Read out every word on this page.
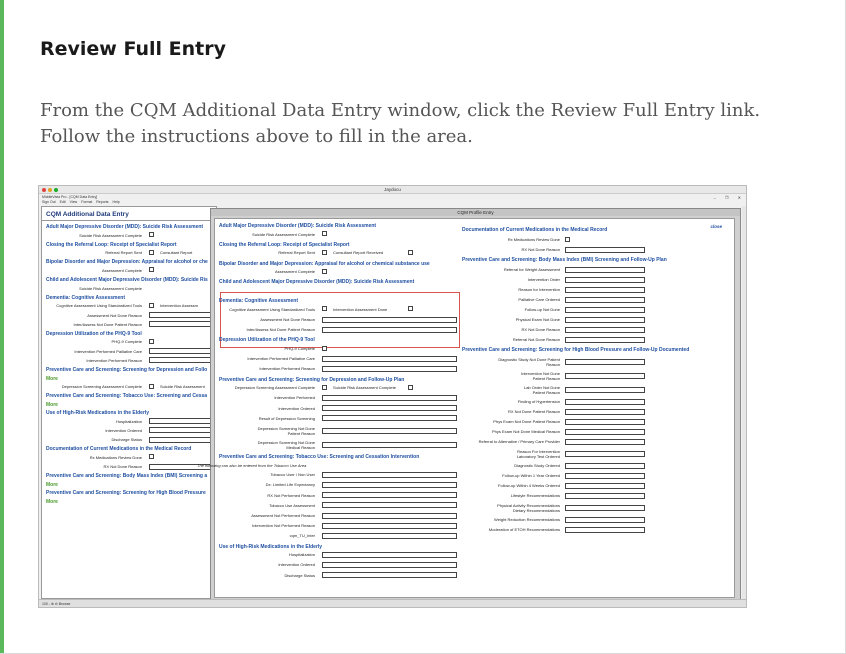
Review Full Entry

From the CQM Additional Data Entry window, click the Review Full Entry link. Follow the instructions above to fill in the area.

Jaydocu
MiddleVista Pro - [CQM Data Entry]	– ❐ ✕
Sign Out Edit View Format Reports Help
CQM Additional Data Entry
Adult Major Depressive Disorder (MDD): Suicide Risk Assessment
Suicide Risk Assessment Complete
Closing the Referral Loop: Receipt of Specialist Report
Referral Report Sent	Consultant Report
Bipolar Disorder and Major Depression: Appraisal for alcohol or che
Assessment Complete
Child and Adolescent Major Depressive Disorder (MDD): Suicide Ris
Suicide Risk Assessment Complete
Dementia: Cognitive Assessment
Cognitive Assessment Using Standardized Tools	Intervention Assessm
Assessment Not Done Reason
Inter/Assess Not Done Patient Reason
Depression Utilization of the PHQ-9 Tool
PHQ-9 Complete
Intervention Performed Palliative Care
Intervention Performed Reason
Preventive Care and Screening: Screening for Depression and Follo
More
Depression Screening Assessment Complete	Suicide Risk Assessment
Preventive Care and Screening: Tobacco Use: Screening and Cessa
More
Use of High-Risk Medications in the Elderly
Hospitalization
Intervention Ordered
Discharge Status
Documentation of Current Medications in the Medical Record
Rx Medications Review Done
RX Not Done Reason
Preventive Care and Screening: Body Mass Index (BMI) Screening a
More
Preventive Care and Screening: Screening for High Blood Pressure
More
CQM Profile Entry
close
Adult Major Depressive Disorder (MDD): Suicide Risk Assessment
Suicide Risk Assessment Complete
Closing the Referral Loop: Receipt of Specialist Report
Referral Report Sent	Consultant Report Received
Bipolar Disorder and Major Depression: Appraisal for alcohol or chemical substance use
Assessment Complete
Child and Adolescent Major Depressive Disorder (MDD): Suicide Risk Assessment
Dementia: Cognitive Assessment
Cognitive Assessment Using Standardized Tools	Intervention Assessment Done
Assessment Not Done Reason
Inter/Assess Not Done Patient Reason
Depression Utilization of the PHQ-9 Tool
PHQ-9 Complete
Intervention Performed Palliative Care
Intervention Performed Reason
Preventive Care and Screening: Screening for Depression and Follow-Up Plan
Depression Screening Assessment Complete	Suicide Risk Assessment Complete
Intervention Performed
Intervention Ordered
Result of Depression Screening
Depression Screening Not Done
Patient Reason
Depression Screening Not Done
Medical Reason
Preventive Care and Screening: Tobacco Use: Screening and Cessation Intervention
The following can also be entered from the Tobacco Use Area
Tobacco User / Non User
Dx: Limited Life Expectancy
RX Not Performed Reason
Tobacco Use Assessment
Assessment Not Performed Reason
Intervention Not Performed Reason
cqm_TU_Inter
Use of High-Risk Medications in the Elderly
Hospitalization
Intervention Ordered
Discharge Status
Documentation of Current Medications in the Medical Record
Rx Medications Review Done
RX Not Done Reason
Preventive Care and Screening: Body Mass Index (BMI) Screening and Follow-Up Plan
Referral for Weight Assessment
Intervention Order
Reason for Intervention
Palliative Care Ordered
Follow-up Not Done
Physical Exam Not Done
RX Not Done Reason
Referral Not Done Reason
Preventive Care and Screening: Screening for High Blood Pressure and Follow-Up Documented
Diagnostic Study Not Done Patient
Reason
Intervention Not Done
Patient Reason
Lab Order Not Done
Patient Reason
Finding of Hypertension
RX Not Done Patient Reason
Phys Exam Not Done Patient Reason
Phys Exam Not Done Medical Reason
Referral to Alternative / Primary Care Provider
Reason For Intervention
Laboratory Test Ordered
Diagnostic Study Ordered
Follow-up Within 1 Year Ordered
Follow-up Within 4 Weeks Ordered
Lifestyle Recommendations
Physical Activity Recommendations
Dietary Recommendations
Weight Reduction Recommendations
Moderation of ETOH Recommendations
100 - ⊕ ⊖ Browse
